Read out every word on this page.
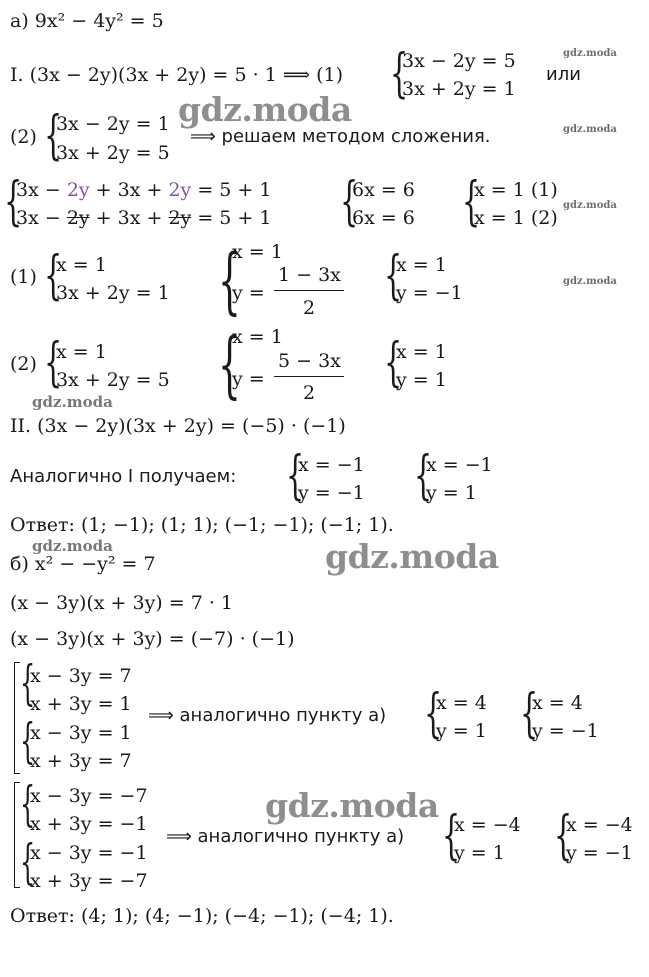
а) 9x² − 4y² = 5
I. (3x − 2y)(3x + 2y) = 5 · 1 ⟹ (1) {
3x − 2y = 5
3x + 2y = 1
или
(2) {
3x − 2y = 1
3x + 2y = 5
⟹ решаем методом сложения.
{
3x − 2y + 3x + 2y = 5 + 1
3x − 2y + 3x + 2y = 5 + 1 {
6x = 6
6x = 6 {
x = 1 (1)
x = 1 (2)
(1) {
x = 1
3x + 2y = 1 {
x = 1
y =
1 − 3x
2
{
x = 1
y = −1
(2) {
x = 1
3x + 2y = 5 {
x = 1
y =
5 − 3x
2 {
x = 1
y = 1
II. (3x − 2y)(3x + 2y) = (−5) · (−1)
Аналогично I получаем: {
x = −1
y = −1 {
x = −1
y = 1
Ответ: (1; −1); (1; 1); (−1; −1); (−1; 1).
б) x² − −y² = 7
(x − 3y)(x + 3y) = 7 · 1
(x − 3y)(x + 3y) = (−7) · (−1)
{
{
x − 3y = 7
x + 3y = 1
x − 3y = 1
x + 3y = 7
⟹ аналогично пункту а) {
x = 4
y = 1 {
x = 4
y = −1
{
{
x − 3y = −7
x + 3y = −1
x − 3y = −1
x + 3y = −7
⟹ аналогично пункту а) {
x = −4
y = 1 {
x = −4
y = −1
Ответ: (4; 1); (4; −1); (−4; −1); (−4; 1).
gdz.moda
gdz.moda
gdz.moda
gdz.moda
gdz.moda
gdz.moda
gdz.moda
gdz.moda
gdz.moda
